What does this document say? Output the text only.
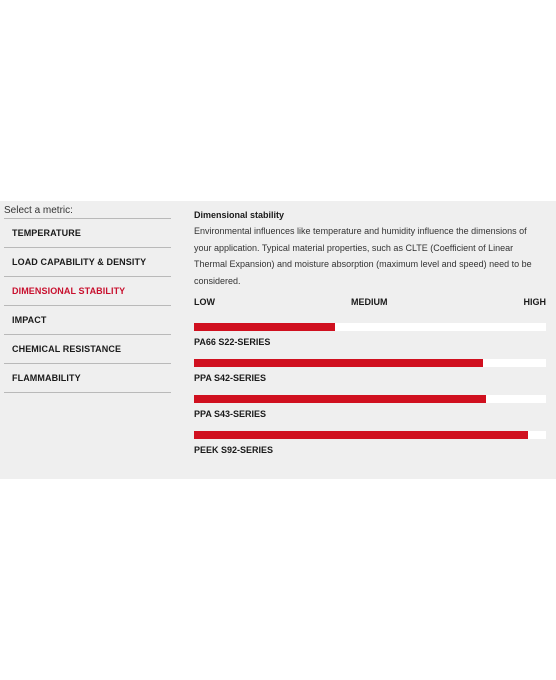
Select a metric:
TEMPERATURE
LOAD CAPABILITY & DENSITY
DIMENSIONAL STABILITY
IMPACT
CHEMICAL RESISTANCE
FLAMMABILITY
Dimensional stability
Environmental influences like temperature and humidity influence the dimensions of your application. Typical material properties, such as CLTE (Coefficient of Linear Thermal Expansion) and moisture absorption (maximum level and speed) need to be considered.
LOW	MEDIUM	HIGH
PA66 S22-SERIES
PPA S42-SERIES
PPA S43-SERIES
PEEK S92-SERIES
